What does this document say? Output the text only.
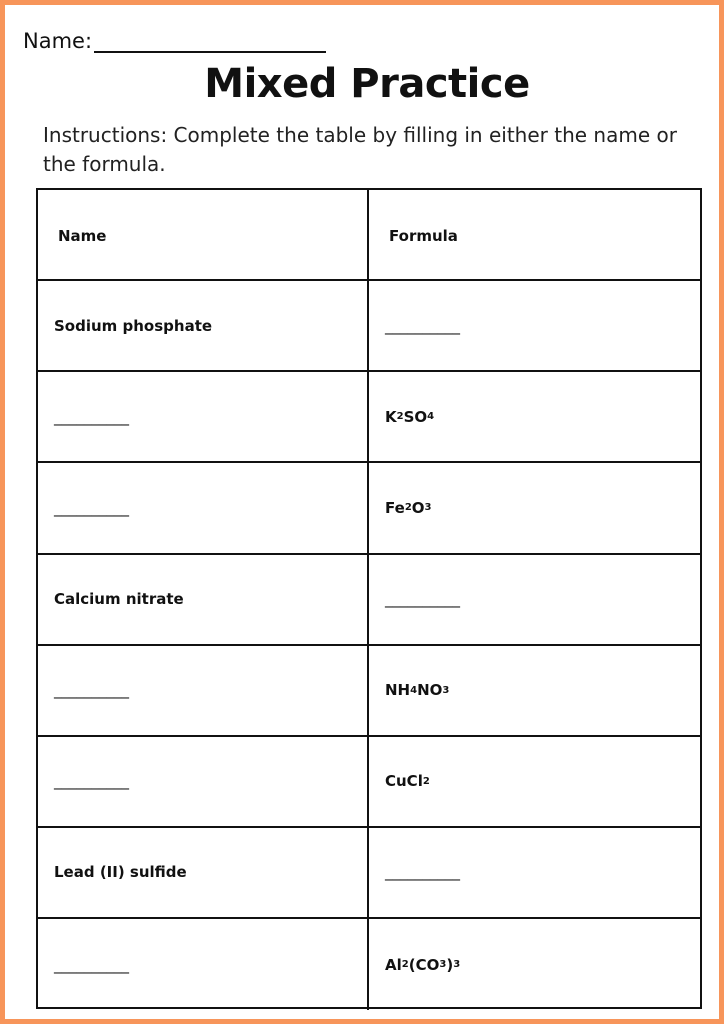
Name:
Mixed Practice
Instructions: Complete the table by filling in either the name or the formula.
Name	Formula
Sodium phosphate	__________
__________	K 2 S O 4
__________	Fe 2 O 3
Calcium nitrate	__________
__________	NH 4 NO 3
__________	CuCl 2
Lead (II) sulfide	__________
__________	Al 2 (CO 3 ) 3
